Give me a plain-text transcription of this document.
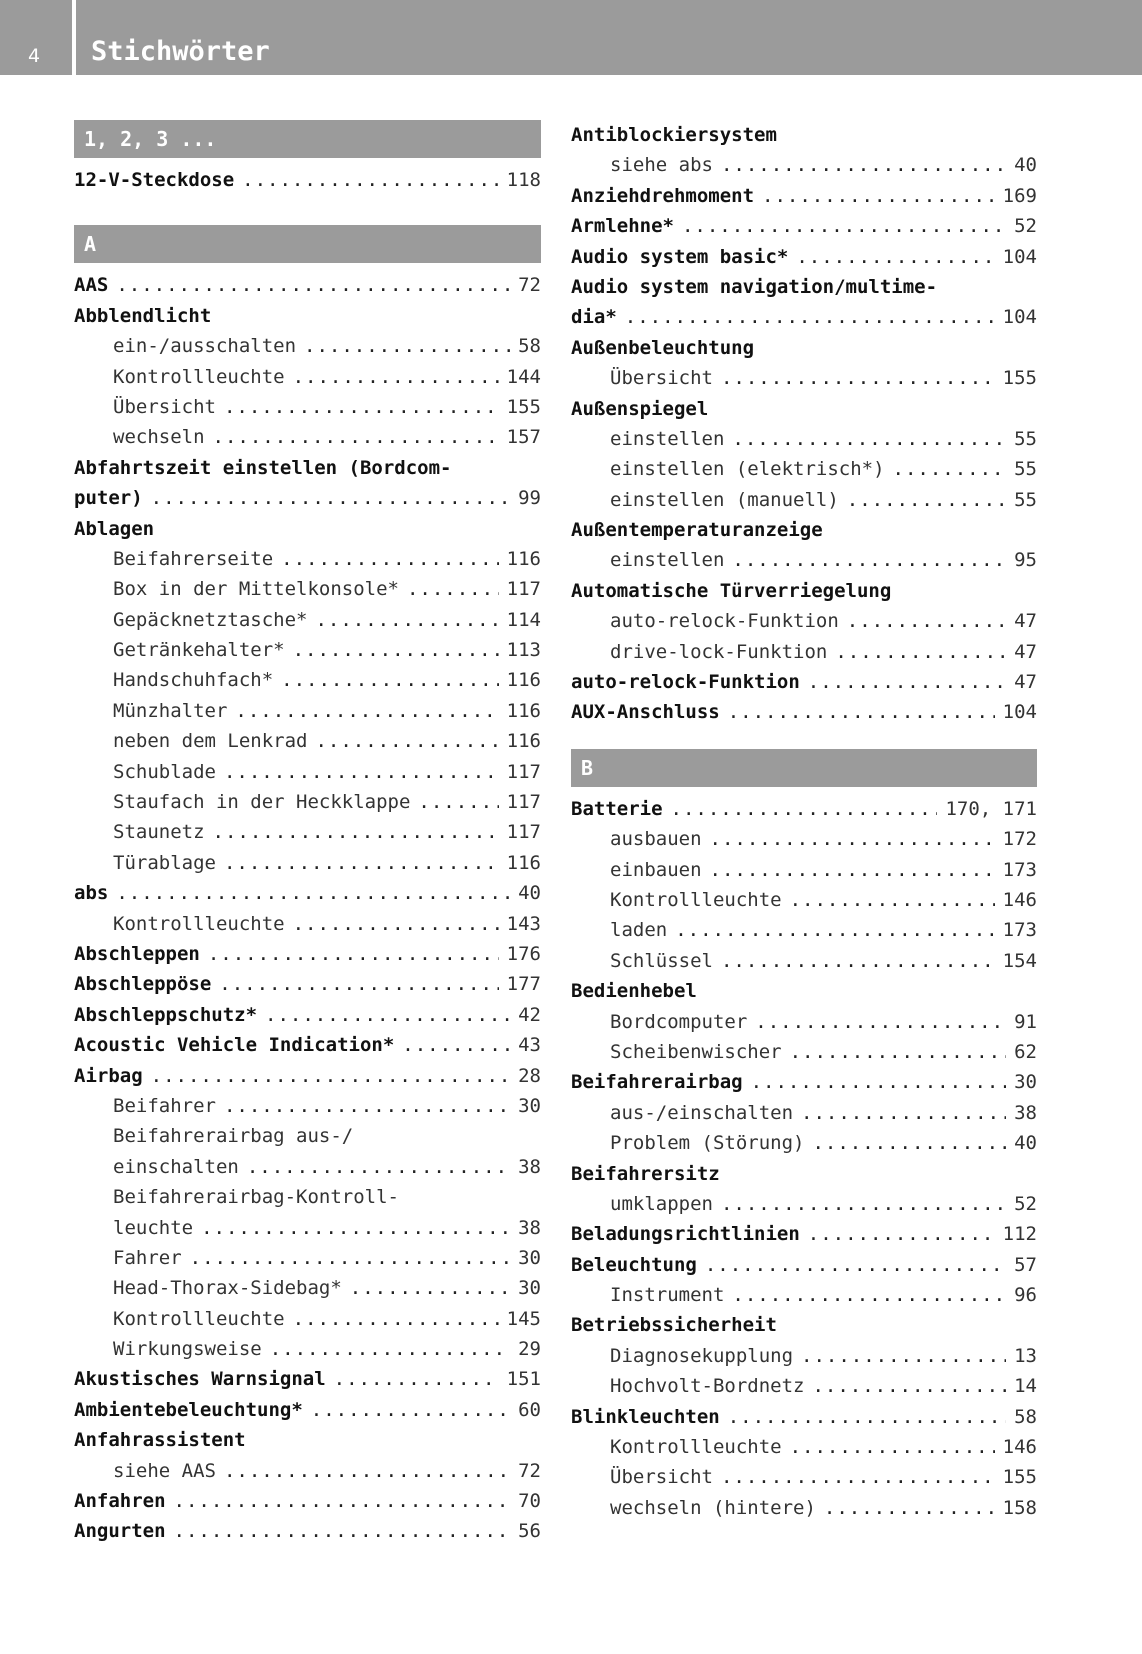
4	Stichwörter
1, 2, 3 ...
12-V-Steckdose .....	118
A
AAS .....	72
Abblendlicht
ein-/ausschalten .....	58
Kontrollleuchte .....	144
Übersicht .....	155
wechseln .....	157
Abfahrtszeit einstellen (Bordcom-
puter) .....	99
Ablagen
Beifahrerseite .....	116
Box in der Mittelkonsole* .....	117
Gepäcknetztasche* .....	114
Getränkehalter* .....	113
Handschuhfach* .....	116
Münzhalter .....	116
neben dem Lenkrad .....	116
Schublade .....	117
Staufach in der Heckklappe .....	117
Staunetz .....	117
Türablage .....	116
abs .....	40
Kontrollleuchte .....	143
Abschleppen .....	176
Abschleppöse .....	177
Abschleppschutz* .....	42
Acoustic Vehicle Indication* .....	43
Airbag .....	28
Beifahrer .....	30
Beifahrerairbag aus-/
einschalten .....	38
Beifahrerairbag-Kontroll-
leuchte .....	38
Fahrer .....	30
Head-Thorax-Sidebag* .....	30
Kontrollleuchte .....	145
Wirkungsweise .....	29
Akustisches Warnsignal .....	151
Ambientebeleuchtung* .....	60
Anfahrassistent
siehe AAS .....	72
Anfahren .....	70
Angurten .....	56
Antiblockiersystem
siehe abs .....	40
Anziehdrehmoment .....	169
Armlehne* .....	52
Audio system basic* .....	104
Audio system navigation/multime-
dia* .....	104
Außenbeleuchtung
Übersicht .....	155
Außenspiegel
einstellen .....	55
einstellen (elektrisch*) .....	55
einstellen (manuell) .....	55
Außentemperaturanzeige
einstellen .....	95
Automatische Türverriegelung
auto-relock-Funktion .....	47
drive-lock-Funktion .....	47
auto-relock-Funktion .....	47
AUX-Anschluss .....	104
B
Batterie .....	170, 171
ausbauen .....	172
einbauen .....	173
Kontrollleuchte .....	146
laden .....	173
Schlüssel .....	154
Bedienhebel
Bordcomputer .....	91
Scheibenwischer .....	62
Beifahrerairbag .....	30
aus-/einschalten .....	38
Problem (Störung) .....	40
Beifahrersitz
umklappen .....	52
Beladungsrichtlinien .....	112
Beleuchtung .....	57
Instrument .....	96
Betriebssicherheit
Diagnosekupplung .....	13
Hochvolt-Bordnetz .....	14
Blinkleuchten .....	58
Kontrollleuchte .....	146
Übersicht .....	155
wechseln (hintere) .....	158
